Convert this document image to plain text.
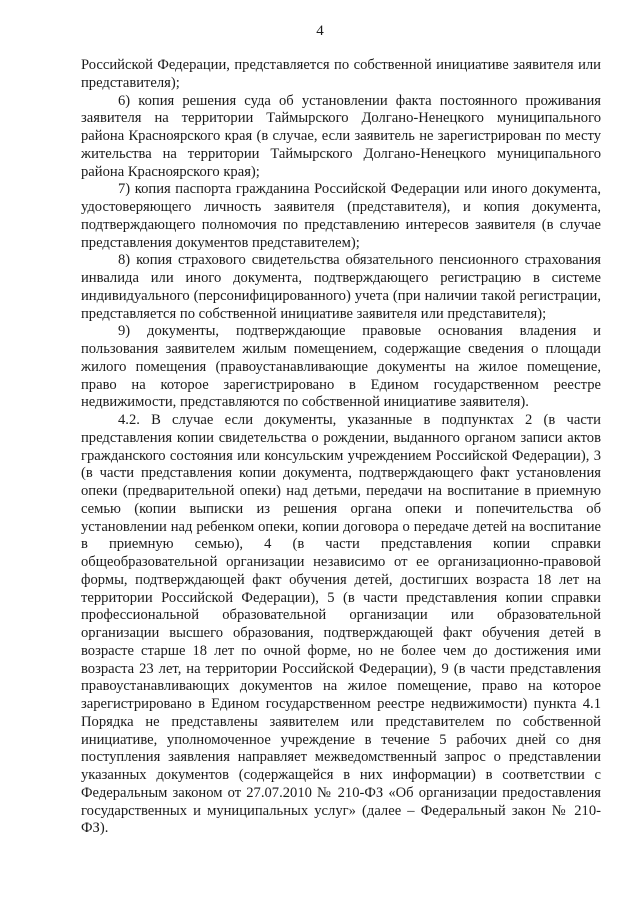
4

Российской Федерации, представляется по собственной инициативе заявителя или представителя);

6) копия решения суда об установлении факта постоянного проживания заявителя на территории Таймырского Долгано-Ненецкого муниципального района Красноярского края (в случае, если заявитель не зарегистрирован по месту жительства на территории Таймырского Долгано-Ненецкого муниципального района Красноярского края);

7) копия паспорта гражданина Российской Федерации или иного документа, удостоверяющего личность заявителя (представителя), и копия документа, подтверждающего полномочия по представлению интересов заявителя (в случае представления документов представителем);

8) копия страхового свидетельства обязательного пенсионного страхования инвалида или иного документа, подтверждающего регистрацию в системе индивидуального (персонифицированного) учета (при наличии такой регистрации, представляется по собственной инициативе заявителя или представителя);

9) документы, подтверждающие правовые основания владения и пользования заявителем жилым помещением, содержащие сведения о площади жилого помещения (правоустанавливающие документы на жилое помещение, право на которое зарегистрировано в Едином государственном реестре недвижимости, представляются по собственной инициативе заявителя).

4.2. В случае если документы, указанные в подпунктах 2 (в части представления копии свидетельства о рождении, выданного органом записи актов гражданского состояния или консульским учреждением Российской Федерации), 3 (в части представления копии документа, подтверждающего факт установления опеки (предварительной опеки) над детьми, передачи на воспитание в приемную семью (копии выписки из решения органа опеки и попечительства об установлении над ребенком опеки, копии договора о передаче детей на воспитание в приемную семью), 4 (в части представления копии справки общеобразовательной организации независимо от ее организационно-правовой формы, подтверждающей факт обучения детей, достигших возраста 18 лет на территории Российской Федерации), 5 (в части представления копии справки профессиональной образовательной организации или образовательной организации высшего образования, подтверждающей факт обучения детей в возрасте старше 18 лет по очной форме, но не более чем до достижения ими возраста 23 лет, на территории Российской Федерации), 9 (в части представления правоустанавливающих документов на жилое помещение, право на которое зарегистрировано в Едином государственном реестре недвижимости) пункта 4.1 Порядка не представлены заявителем или представителем по собственной инициативе, уполномоченное учреждение в течение 5 рабочих дней со дня поступления заявления направляет межведомственный запрос о представлении указанных документов (содержащейся в них информации) в соответствии с Федеральным законом от 27.07.2010 № 210-ФЗ «Об организации предоставления государственных и муниципальных услуг» (далее – Федеральный закон № 210-ФЗ).
